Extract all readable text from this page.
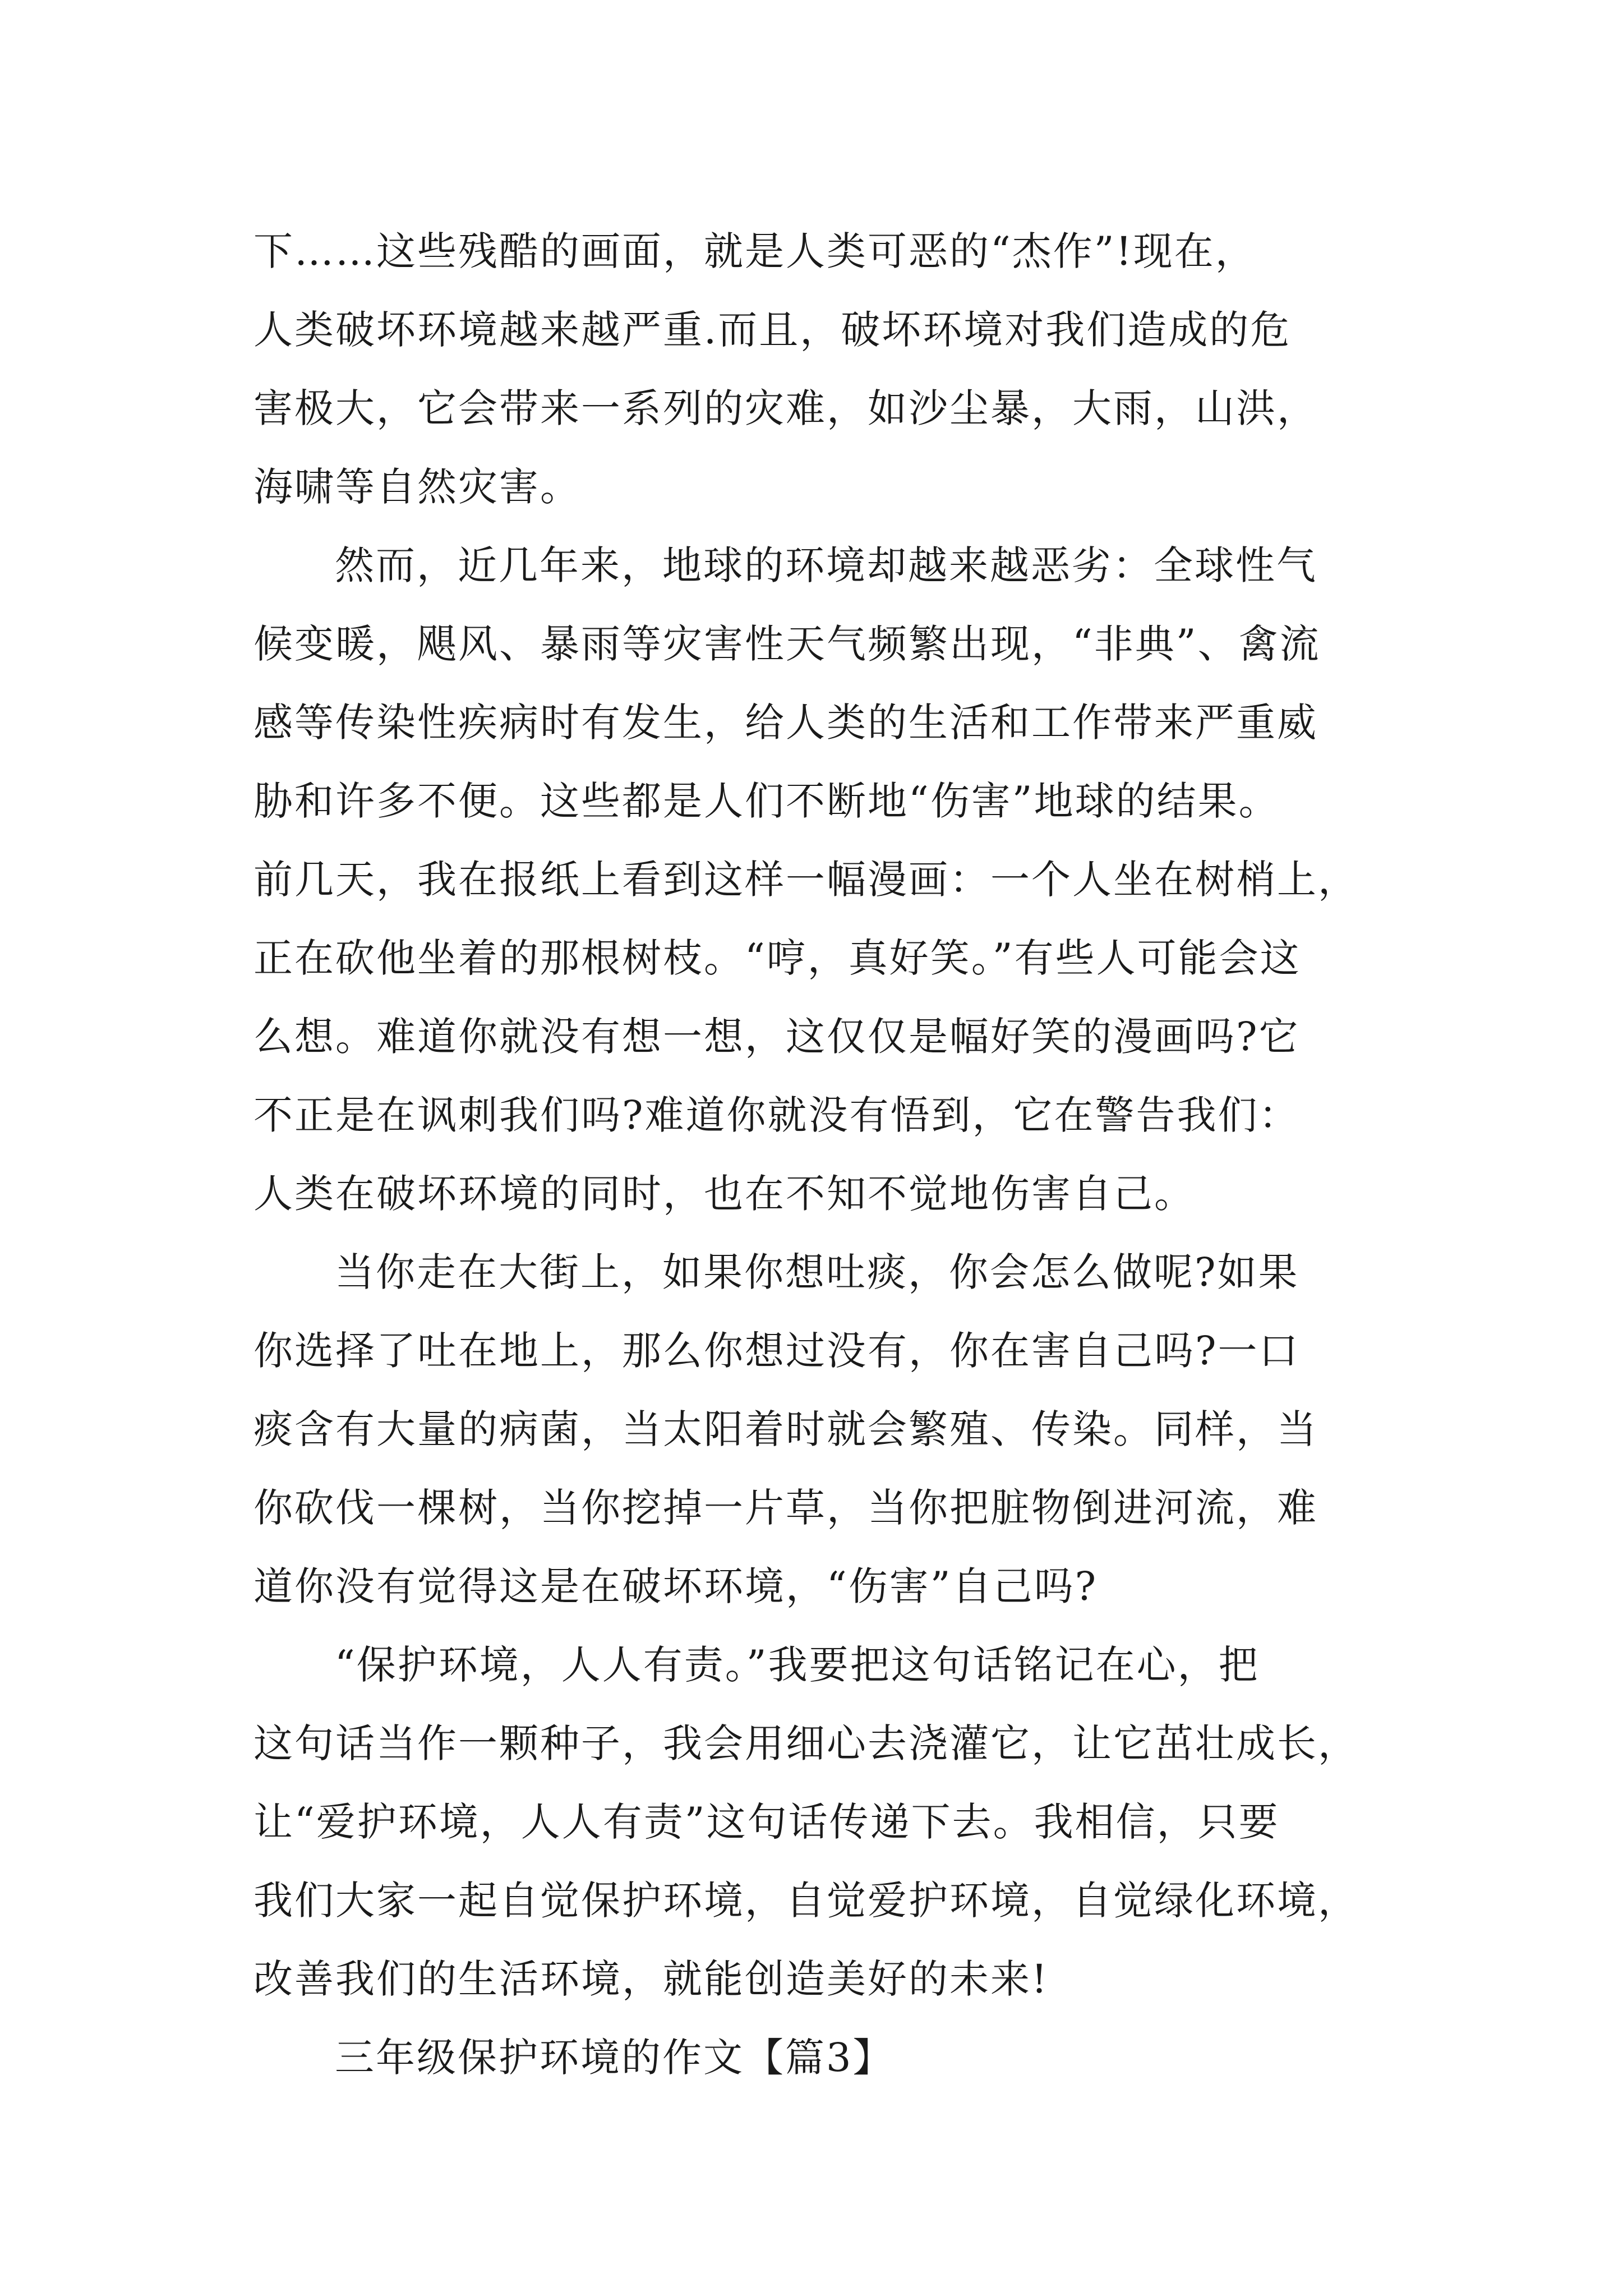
下……这些残酷的画面，就是人类可恶的“杰作”!现在，
人类破坏环境越来越严重.而且，破坏环境对我们造成的危
害极大，它会带来一系列的灾难，如沙尘暴，大雨，山洪，
海啸等自然灾害。
然而，近几年来，地球的环境却越来越恶劣：全球性气
候变暖，飓风、暴雨等灾害性天气频繁出现，“非典”、禽流
感等传染性疾病时有发生，给人类的生活和工作带来严重威
胁和许多不便。这些都是人们不断地“伤害”地球的结果。
前几天，我在报纸上看到这样一幅漫画：一个人坐在树梢上，
正在砍他坐着的那根树枝。“哼，真好笑。”有些人可能会这
么想。难道你就没有想一想，这仅仅是幅好笑的漫画吗?它
不正是在讽刺我们吗?难道你就没有悟到，它在警告我们：
人类在破坏环境的同时，也在不知不觉地伤害自己。
当你走在大街上，如果你想吐痰，你会怎么做呢?如果
你选择了吐在地上，那么你想过没有，你在害自己吗?一口
痰含有大量的病菌，当太阳着时就会繁殖、传染。同样，当
你砍伐一棵树，当你挖掉一片草，当你把脏物倒进河流，难
道你没有觉得这是在破坏环境，“伤害”自己吗?
“保护环境，人人有责。”我要把这句话铭记在心，把
这句话当作一颗种子，我会用细心去浇灌它，让它茁壮成长，
让“爱护环境，人人有责”这句话传递下去。我相信，只要
我们大家一起自觉保护环境，自觉爱护环境，自觉绿化环境，
改善我们的生活环境，就能创造美好的未来!
三年级保护环境的作文【篇3】
